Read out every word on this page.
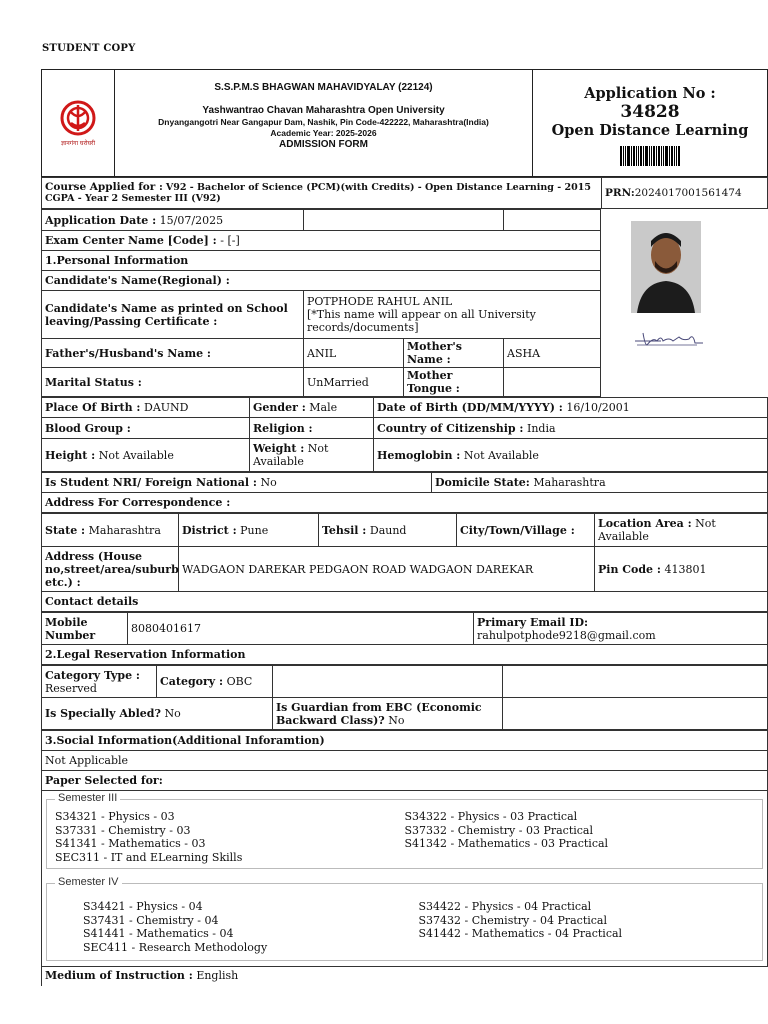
STUDENT COPY
ज्ञानगंगा घरोघरी
S.S.P.M.S BHAGWAN MAHAVIDYALAY (22124)
Yashwantrao Chavan Maharashtra Open University
Dnyangangotri Near Gangapur Dam, Nashik, Pin Code-422222, Maharashtra(India)
Academic Year: 2025-2026
ADMISSION FORM
Application No :
34828
Open Distance Learning
Course Applied for : V92 - Bachelor of Science (PCM)(with Credits) - Open Distance Learning - 2015 CGPA - Year 2 Semester III (V92)	PRN:2024017001561474
Application Date : 15/07/2025			
Exam Center Name [Code] : - [-]			
1.Personal Information			
Candidate's Name(Regional) :			
Candidate's Name as printed on School leaving/Passing Certificate :	POTPHODE RAHUL ANIL
[*This name will appear on all University records/documents]		

Father's/Husband's Name :	ANIL	Mother's Name :	ASHA
Marital Status :	UnMarried	Mother Tongue :	
Place Of Birth : DAUND	Gender : Male	Date of Birth (DD/MM/YYYY) : 16/10/2001
Blood Group :	Religion :	Country of Citizenship : India
Height : Not Available	Weight : Not Available	Hemoglobin : Not Available
Is Student NRI/ Foreign National : No	Domicile State: Maharashtra
Address For Correspondence :
State : Maharashtra	District : Pune	Tehsil : Daund	City/Town/Village :	Location Area : Not Available
Address (House no,street/area/suburb etc.) :	WADGAON DAREKAR PEDGAON ROAD WADGAON DAREKAR			Pin Code : 413801
Contact details				
Mobile Number	8080401617	Primary Email ID:
rahulpotphode9218@gmail.com

2.Legal Reservation Information
Category Type : Reserved	Category : OBC		
Is Specially Abled? No		Is Guardian from EBC (Economic Backward Class)? No	
3.Social Information(Additional Inforamtion)
Not Applicable
Paper Selected for:
Semester III
S34321 - Physics - 03
S37331 - Chemistry - 03
S41341 - Mathematics - 03
SEC311 - IT and ELearning Skills
S34322 - Physics - 03 Practical
S37332 - Chemistry - 03 Practical
S41342 - Mathematics - 03 Practical
Semester IV
S34421 - Physics - 04
S37431 - Chemistry - 04
S41441 - Mathematics - 04
SEC411 - Research Methodology
S34422 - Physics - 04 Practical
S37432 - Chemistry - 04 Practical
S41442 - Mathematics - 04 Practical
Medium of Instruction : English
